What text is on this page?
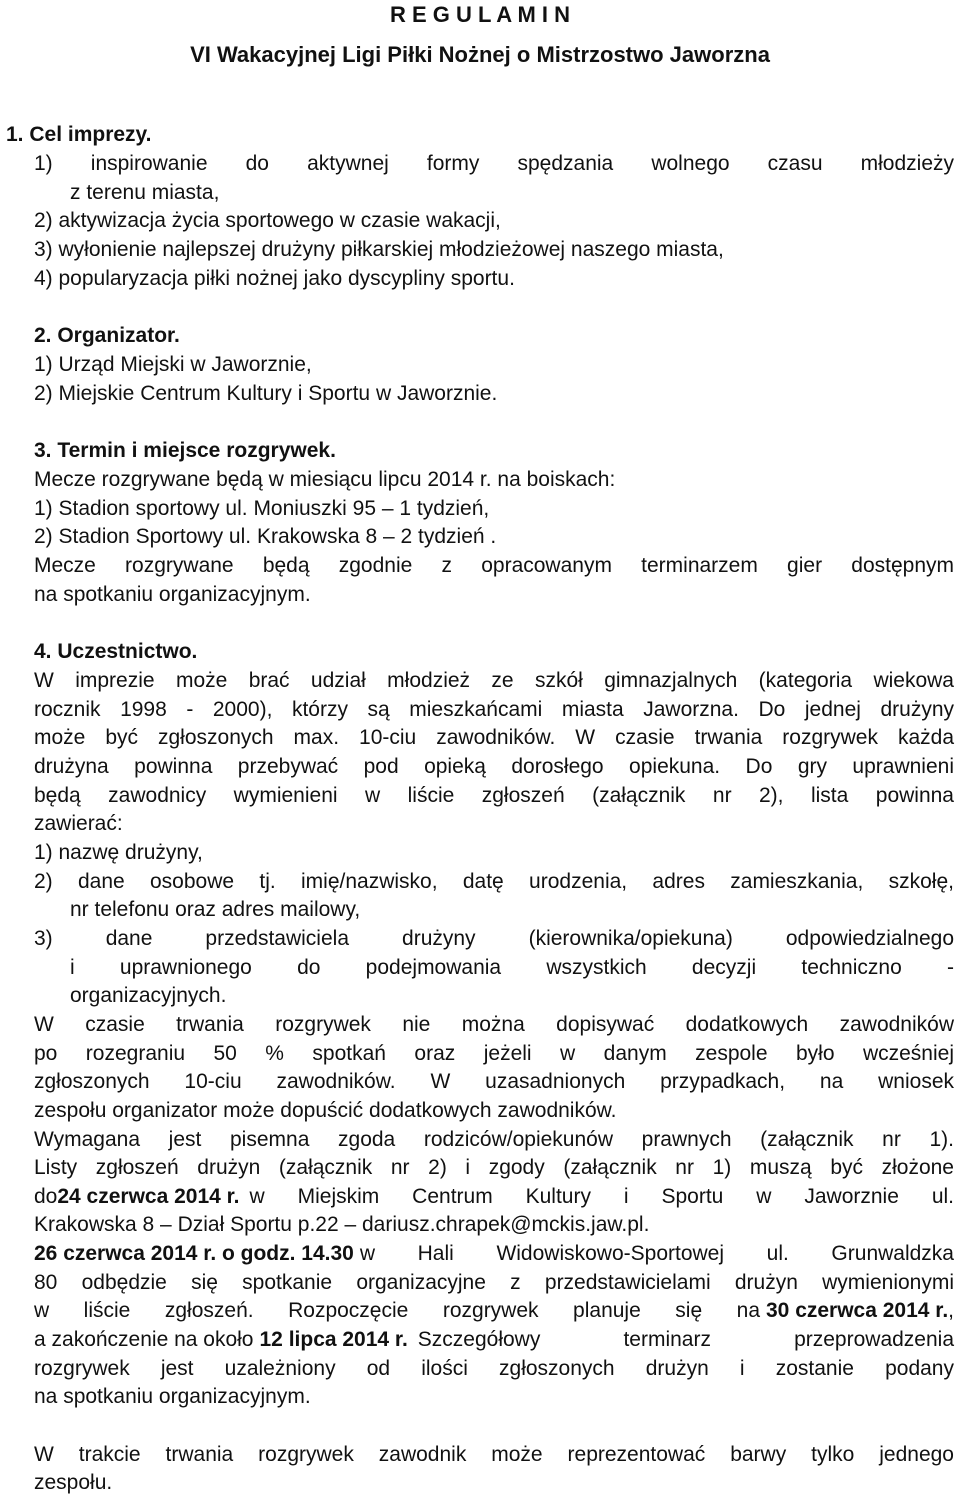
R E G U L A M I N
VI Wakacyjnej Ligi Piłki Nożnej o Mistrzostwo Jaworzna
1. Cel imprezy.
1) inspirowanie do aktywnej formy spędzania wolnego czasu młodzieży
z terenu miasta,
2) aktywizacja życia sportowego w czasie wakacji,
3) wyłonienie najlepszej drużyny piłkarskiej młodzieżowej naszego miasta,
4) popularyzacja piłki nożnej jako dyscypliny sportu.
2. Organizator.
1) Urząd Miejski w Jaworznie,
2) Miejskie Centrum Kultury i Sportu w Jaworznie.
3. Termin i miejsce rozgrywek.
Mecze rozgrywane będą w miesiącu lipcu 2014 r. na boiskach:
1) Stadion sportowy ul. Moniuszki 95 – 1 tydzień,
2) Stadion Sportowy ul. Krakowska 8 – 2 tydzień .
Mecze rozgrywane będą zgodnie z opracowanym terminarzem gier dostępnym
na spotkaniu organizacyjnym.
4. Uczestnictwo.
W imprezie może brać udział młodzież ze szkół gimnazjalnych (kategoria wiekowa
rocznik 1998 - 2000), którzy są mieszkańcami miasta Jaworzna. Do jednej drużyny
może być zgłoszonych max. 10-ciu zawodników. W czasie trwania rozgrywek każda
drużyna powinna przebywać pod opieką dorosłego opiekuna. Do gry uprawnieni
będą zawodnicy wymienieni w liście zgłoszeń (załącznik nr 2), lista powinna
zawierać:
1) nazwę drużyny,
2) dane osobowe tj. imię/nazwisko, datę urodzenia, adres zamieszkania, szkołę,
nr telefonu oraz adres mailowy,
3) dane przedstawiciela drużyny (kierownika/opiekuna) odpowiedzialnego
i uprawnionego do podejmowania wszystkich decyzji techniczno -
organizacyjnych.
W czasie trwania rozgrywek nie można dopisywać dodatkowych zawodników
po rozegraniu 50 % spotkań oraz jeżeli w danym zespole było wcześniej
zgłoszonych 10-ciu zawodników. W uzasadnionych przypadkach, na wniosek
zespołu organizator może dopuścić dodatkowych zawodników.
Wymagana jest pisemna zgoda rodziców/opiekunów prawnych (załącznik nr 1).
Listy zgłoszeń drużyn (załącznik nr 2) i zgody (załącznik nr 1) muszą być złożone
do 24 czerwca 2014 r. w Miejskim Centrum Kultury i Sportu w Jaworznie ul.
Krakowska 8 – Dział Sportu p.22 – dariusz.chrapek@mckis.jaw.pl.
26 czerwca 2014 r. o godz. 14.30 w Hali Widowiskowo-Sportowej ul. Grunwaldzka
80 odbędzie się spotkanie organizacyjne z przedstawicielami drużyn wymienionymi
w liście zgłoszeń. Rozpoczęcie rozgrywek planuje się na 30 czerwca 2014 r. ,
a zakończenie na około 12 lipca 2014 r. Szczegółowy terminarz przeprowadzenia
rozgrywek jest uzależniony od ilości zgłoszonych drużyn i zostanie podany
na spotkaniu organizacyjnym.
W trakcie trwania rozgrywek zawodnik może reprezentować barwy tylko jednego
zespołu.
